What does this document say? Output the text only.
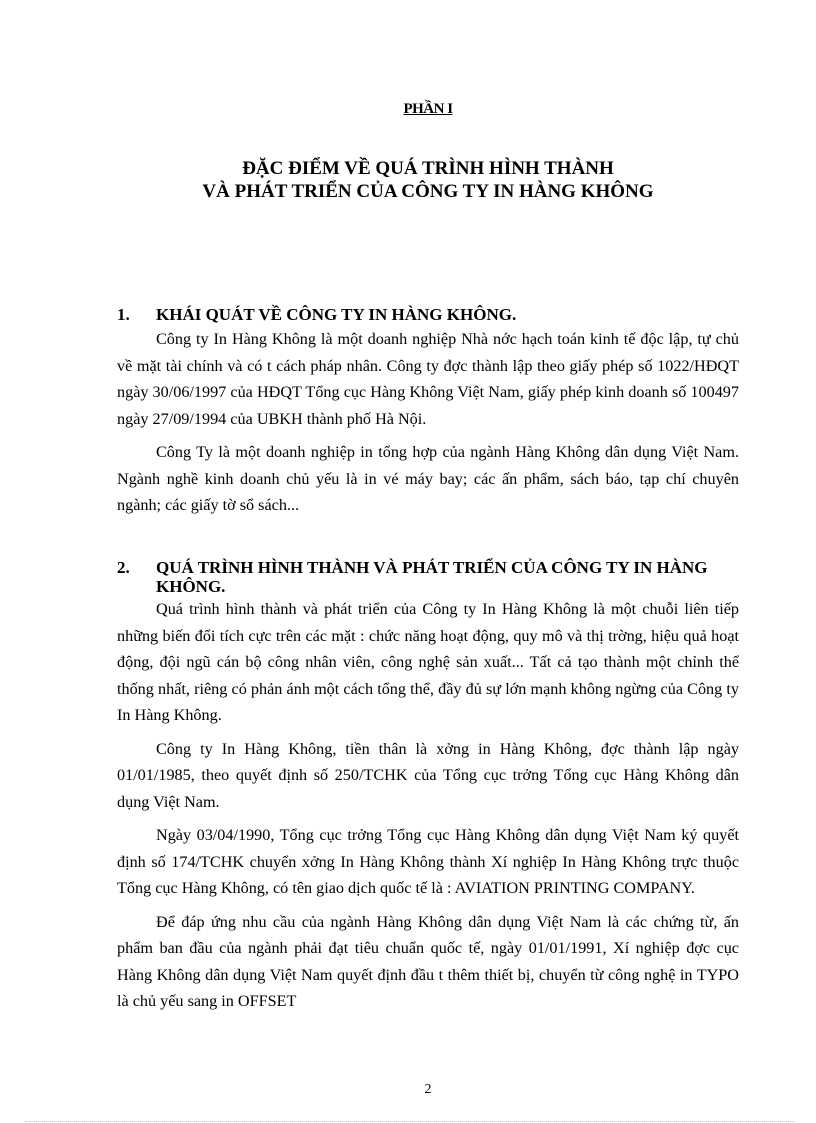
PHẦN I
ĐẶC ĐIỂM VỀ QUÁ TRÌNH HÌNH THÀNH
VÀ PHÁT TRIỂN CỦA CÔNG TY IN HÀNG KHÔNG
1.	KHÁI QUÁT VỀ CÔNG TY IN HÀNG KHÔNG.

Công ty In Hàng Không là một doanh nghiệp Nhà nớc hạch toán kinh tế độc lập, tự chủ về mặt tài chính và có t cách pháp nhân. Công ty đợc thành lập theo giấy phép số 1022/HĐQT ngày 30/06/1997 của HĐQT Tổng cục Hàng Không Việt Nam, giấy phép kinh doanh số 100497 ngày 27/09/1994 của UBKH thành phố Hà Nội.

Công Ty là một doanh nghiệp in tổng hợp của ngành Hàng Không dân dụng Việt Nam. Ngành nghề kinh doanh chủ yếu là in vé máy bay; các ấn phẩm, sách báo, tạp chí chuyên ngành; các giấy tờ sổ sách...

2.	QUÁ TRÌNH HÌNH THÀNH VÀ PHÁT TRIỂN CỦA CÔNG TY IN HÀNG KHÔNG.

Quá trình hình thành và phát triển của Công ty In Hàng Không là một chuỗi liên tiếp những biến đổi tích cực trên các mặt : chức năng hoạt động, quy mô và thị trờng, hiệu quả hoạt động, đội ngũ cán bộ công nhân viên, công nghệ sản xuất... Tất cả tạo thành một chỉnh thể thống nhất, riêng có phản ánh một cách tổng thể, đầy đủ sự lớn mạnh không ngừng của Công ty In Hàng Không.

Công ty In Hàng Không, tiền thân là xởng in Hàng Không, đợc thành lập ngày 01/01/1985, theo quyết định số 250/TCHK của Tổng cục trởng Tổng cục Hàng Không dân dụng Việt Nam.

Ngày 03/04/1990, Tổng cục trởng Tổng cục Hàng Không dân dụng Việt Nam ký quyết định số 174/TCHK chuyển xởng In Hàng Không thành Xí nghiệp In Hàng Không trực thuộc Tổng cục Hàng Không, có tên giao dịch quốc tế là : AVIATION PRINTING COMPANY.

Để đáp ứng nhu cầu của ngành Hàng Không dân dụng Việt Nam là các chứng từ, ấn phẩm ban đầu của ngành phải đạt tiêu chuẩn quốc tế, ngày 01/01/1991, Xí nghiệp đợc cục Hàng Không dân dụng Việt Nam quyết định đầu t thêm thiết bị, chuyển từ công nghệ in TYPO là chủ yếu sang in OFFSET

2
